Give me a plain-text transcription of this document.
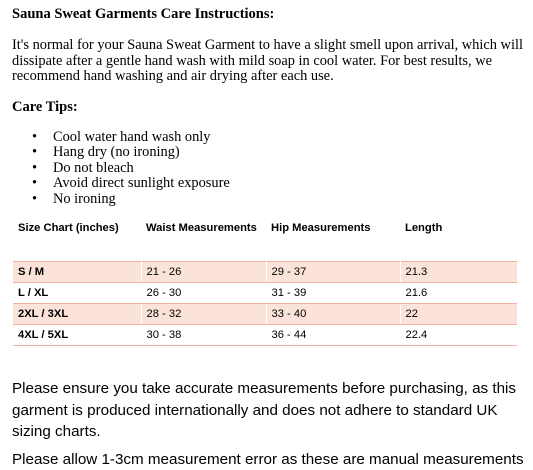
Sauna Sweat Garments Care Instructions:
It's normal for your Sauna Sweat Garment to have a slight smell upon arrival, which will dissipate after a gentle hand wash with mild soap in cool water. For best results, we recommend hand washing and air drying after each use.
Care Tips:
• Cool water hand wash only
• Hang dry (no ironing)
• Do not bleach
• Avoid direct sunlight exposure
• No ironing
Size Chart (inches)	Waist Measurements	Hip Measurements	Length
S / M	21 - 26	29 - 37	21.3
L / XL	26 - 30	31 - 39	21.6
2XL / 3XL	28 - 32	33 - 40	22
4XL / 5XL	30 - 38	36 - 44	22.4
Please ensure you take accurate measurements before purchasing, as this garment is produced internationally and does not adhere to standard UK sizing charts.
Please allow 1-3cm measurement error as these are manual measurements
